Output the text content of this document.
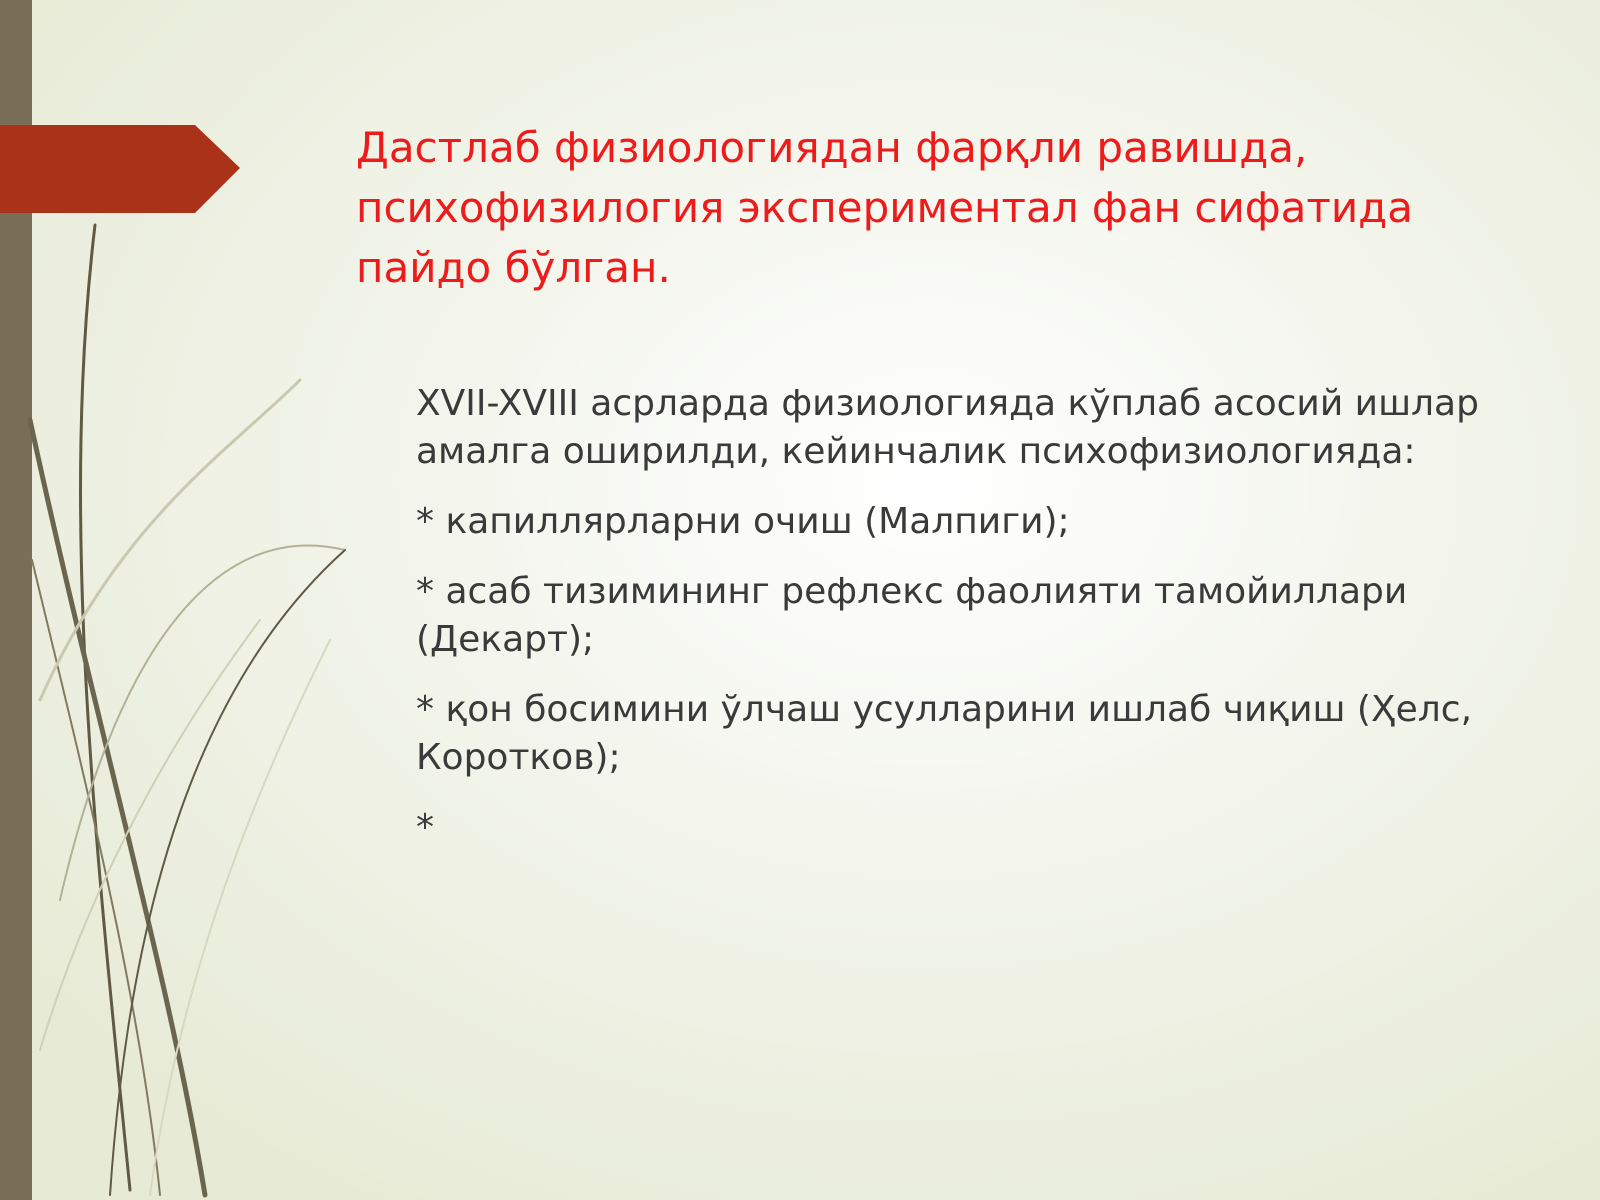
Дастлаб физиологиядан фарқли равишда, психофизилогия экспериментал фан сифатида пайдо бўлган.
XVII-XVIII асрларда физиологияда кўплаб асосий ишлар амалга оширилди, кейинчалик психофизиологияда:
* капиллярларни очиш (Малпиги);
* асаб тизимининг рефлекс фаолияти тамойиллари (Декарт);
* қон босимини ўлчаш усулларини ишлаб чиқиш (Ҳелс, Коротков);
*
